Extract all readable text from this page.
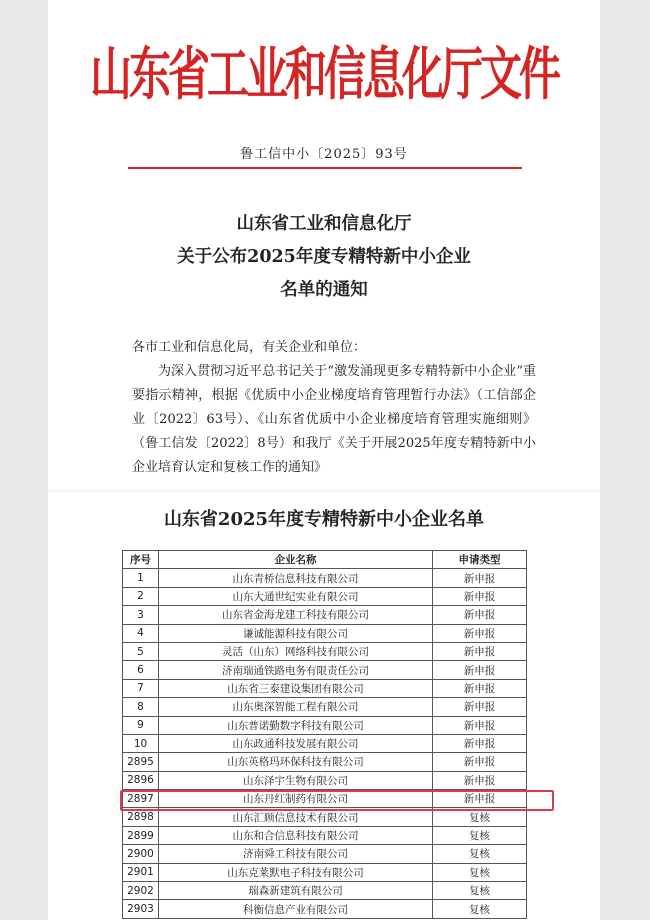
山东省工业和信息化厅文件
鲁工信中小〔2025〕93号
山东省工业和信息化厅
关于公布2025年度专精特新中小企业
名单的通知
各市工业和信息化局，有关企业和单位：
为深入贯彻习近平总书记关于“激发涌现更多专精特新中小企业”重要指示精神，根据《优质中小企业梯度培育管理暂行办法》（工信部企业〔2022〕63号）、《山东省优质中小企业梯度培育管理实施细则》（鲁工信发〔2022〕8号）和我厅《关于开展2025年度专精特新中小企业培育认定和复核工作的通知》
山东省2025年度专精特新中小企业名单
序号	企业名称	申请类型
1	山东青桥信息科技有限公司	新申报
2	山东大通世纪实业有限公司	新申报
3	山东省金海龙建工科技有限公司	新申报
4	谦诚能源科技有限公司	新申报
5	灵活（山东）网络科技有限公司	新申报
6	济南瑞通铁路电务有限责任公司	新申报
7	山东省三泰建设集团有限公司	新申报
8	山东奥深智能工程有限公司	新申报
9	山东普诺勤数字科技有限公司	新申报
10	山东政通科技发展有限公司	新申报
2895	山东英格玛环保科技有限公司	新申报
2896	山东泽宇生物有限公司	新申报
2897	山东丹红制药有限公司	新申报
2898	山东汇顾信息技术有限公司	复核
2899	山东和合信息科技有限公司	复核
2900	济南舜工科技有限公司	复核
2901	山东克莱默电子科技有限公司	复核
2902	瑞森新建筑有限公司	复核
2903	科衡信息产业有限公司	复核
